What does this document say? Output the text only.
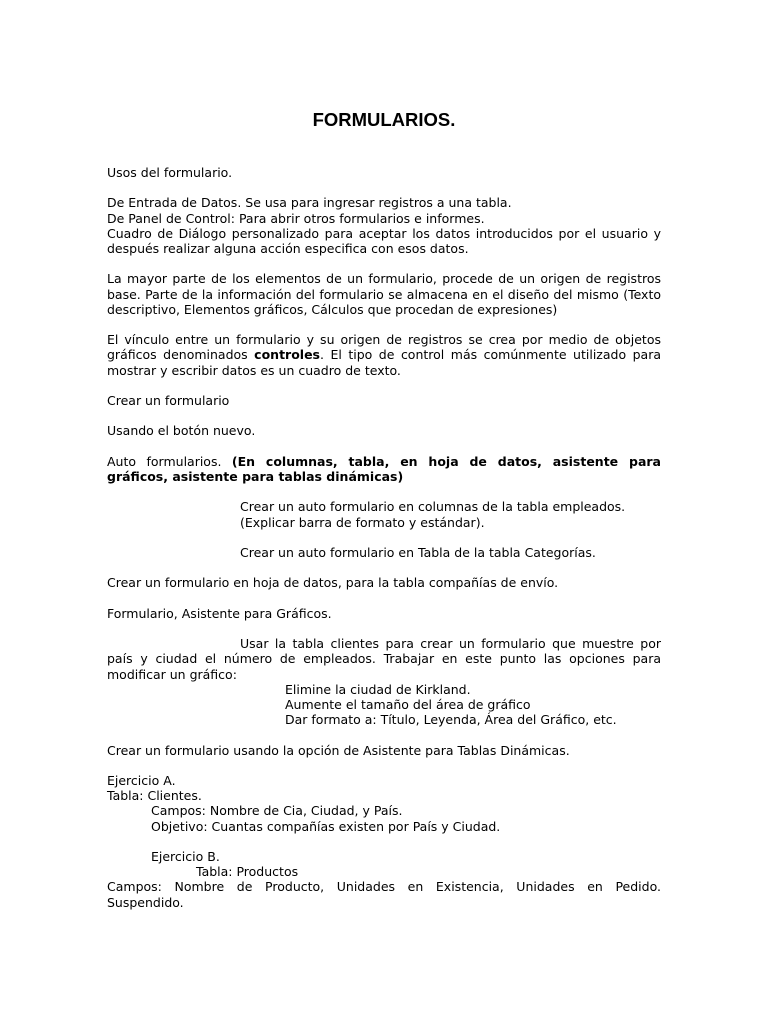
FORMULARIOS.

Usos del formulario.

De Entrada de Datos. Se usa para ingresar registros a una tabla.

De Panel de Control: Para abrir otros formularios e informes.

Cuadro de Diálogo personalizado para aceptar los datos introducidos por el usuario y después realizar alguna acción especifica con esos datos.

La mayor parte de los elementos de un formulario, procede de un origen de registros base. Parte de la información del formulario se almacena en el diseño del mismo (Texto descriptivo, Elementos gráficos, Cálculos que procedan de expresiones)

El vínculo entre un formulario y su origen de registros se crea por medio de objetos gráficos denominados controles. El tipo de control más comúnmente utilizado para mostrar y escribir datos es un cuadro de texto.

Crear un formulario

Usando el botón nuevo.

Auto formularios. (En columnas, tabla, en hoja de datos, asistente para gráficos, asistente para tablas dinámicas)

Crear un auto formulario en columnas de la tabla empleados.

(Explicar barra de formato y estándar).

Crear un auto formulario en Tabla de la tabla Categorías.

Crear un formulario en hoja de datos, para la tabla compañías de envío.

Formulario, Asistente para Gráficos.

Usar la tabla clientes para crear un formulario que muestre por país y ciudad el número de empleados. Trabajar en este punto las opciones para modificar un gráfico:

Elimine la ciudad de Kirkland.

Aumente el tamaño del área de gráfico

Dar formato a: Título, Leyenda, Área del Gráfico, etc.

Crear un formulario usando la opción de Asistente para Tablas Dinámicas.

Ejercicio A.

Tabla: Clientes.

Campos: Nombre de Cia, Ciudad, y País.

Objetivo: Cuantas compañías existen por País y Ciudad.

Ejercicio B.

Tabla: Productos

Campos: Nombre de Producto, Unidades en Existencia, Unidades en Pedido. Suspendido.
